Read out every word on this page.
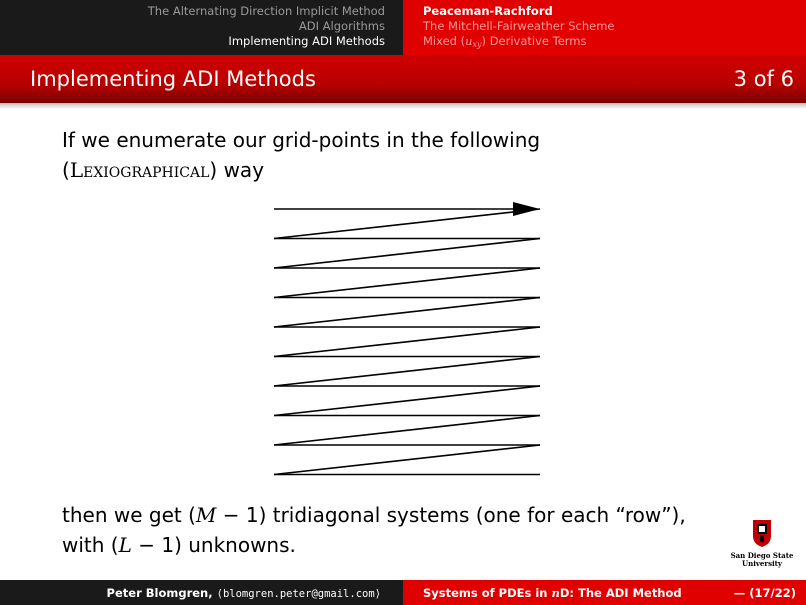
The Alternating Direction Implicit Method
ADI Algorithms
Implementing ADI Methods
Peaceman-Rachford
The Mitchell-Fairweather Scheme
Mixed (uxy) Derivative Terms
Implementing ADI Methods	3 of 6
If we enumerate our grid-points in the following
(Lexiographical) way
then we get (M − 1) tridiagonal systems (one for each “row”),
with (L − 1) unknowns.	San Diego State
University
Peter Blomgren, ⟨blomgren.peter@gmail.com⟩	Systems of PDEs in nD: The ADI Method	— (17/22)
